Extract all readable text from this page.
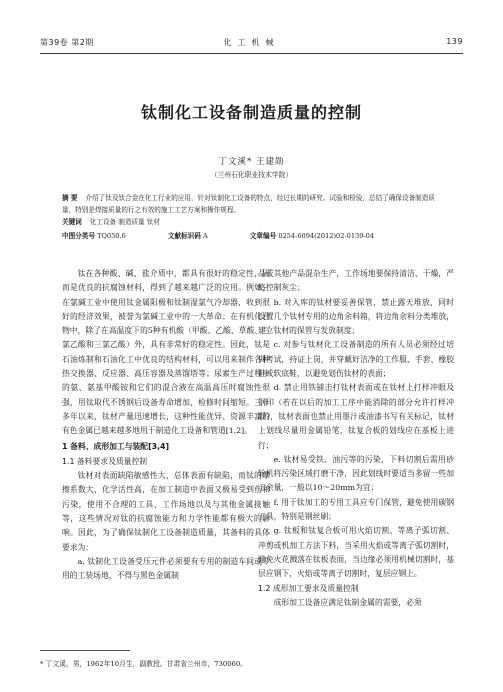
第39卷 第2期	化工机械	139
钛制化工设备制造质量的控制
丁文溪* 王建勋
（兰州石化职业技术学院）
摘 要 介绍了钛及钛合金在化工行业的应用，针对钛制化工设备的特点，经过长期的研究、试验和检验，总结了确保设备制造质量，特别是焊接质量的行之有效的施工工艺方案和操作规程。
关键词 化工设备 制造质量 钛材
中图分类号 TQ050.6	文献标识码 A	文章编号 0254-6094(2012)02-0139-04

钛在各种酸、碱、盐介质中，都具有很好的稳定性，因而是优良的抗腐蚀材料，得到了越来越广泛的应用。例如，在氯碱工业中使用钛金属阳极和钛制湿氯气冷却器，收到很好的经济效果，被誉为氯碱工业中的一大革命；在有机化合物中，除了在高温度下的5种有机酸（甲酸、乙酸、草酸、三氯乙酸和三氯乙酸）外，具有非常好的稳定性。因此，钛是石油炼制和石油化工中优良的结构材料，可以用来制作各种热交换器、反应器、高压容器及蒸馏塔等；尿素生产过程中的氨、氨基甲酸铵和它们的混合液在高温高压时腐蚀性很强，用钛取代不锈钢后设备寿命增加，检修时间缩短。三十多年以来，钛材产量迅速增长，这种性能优异、资源丰富的有色金属已越来越多地用于制造化工设备和管道[1,2]。

1 备料、成形加工与装配[3,4]

1.1 备料要求及质量控制

钛材对表面缺陷敏感性大，总体表面有缺陷，而钛的摩擦系数大，化学活性高，在加工制造中表面又极易受到伤和污染，使用不合理的工具、工作场地以及与其他金属接触等，这些情况对钛的抗腐蚀能力和力学性能都有极大的影响。因此，为了确保钛制化工设备制造质量，其备料的具体要求为：

a. 钛制化工设备受压元件必须要有专用的制造车间或专用的工装场地，不得与黑色金属制

品或其他产品混杂生产，工作场地要保持清洁、干燥，严格控制灰尘；

b. 对入库的钛材要妥善保管，禁止露天堆放，同时设置几个钛材专用的边角余料箱，将边角余料分类堆放，建立钛材的保管与发放制度；

c. 对参与钛材化工设备制造的所有人员必须经过培训考试，持证上岗，并穿戴好洁净的工作服、手套、橡胶鞋或软底鞋，以避免划伤钛材的表面；

d. 禁止用铁铺击打钛材表面或在钛材上打样冲眼及钢印（若在以后的加工工序中能消除的部分允许打样冲眼），钛材表面也禁止用墨汁或油漆书写有关标记，钛材上划线尽量用金属铅笔，钛复合板的划线应在基板上进行；

e. 钛材易受铁、油污等的污染，下料切割后需用砂轮机将污染区域打磨干净，因此划线时要适当多留一些加工余量，一般以10～20mm为宜；

f. 用于钛加工的专用工具应专门保管，避免使用碳钢工具，特别是钢丝刷；

g. 钛板和钛复合板可用火焰切割、等离子弧切割、冲剪或机加工方法下料，当采用火焰或等离子弧切割时，避免火花溅落在钛板表面，当边缘必须用机械切割时，基层应钢下，火焰或等离子切割时，复层应钢上。

1.2 成形加工要求及质量控制

成形加工设备应满足钛制金属的需要，必须

* 丁文溪，男，1962年10月生，副教授。甘肃省兰州市，730060。
